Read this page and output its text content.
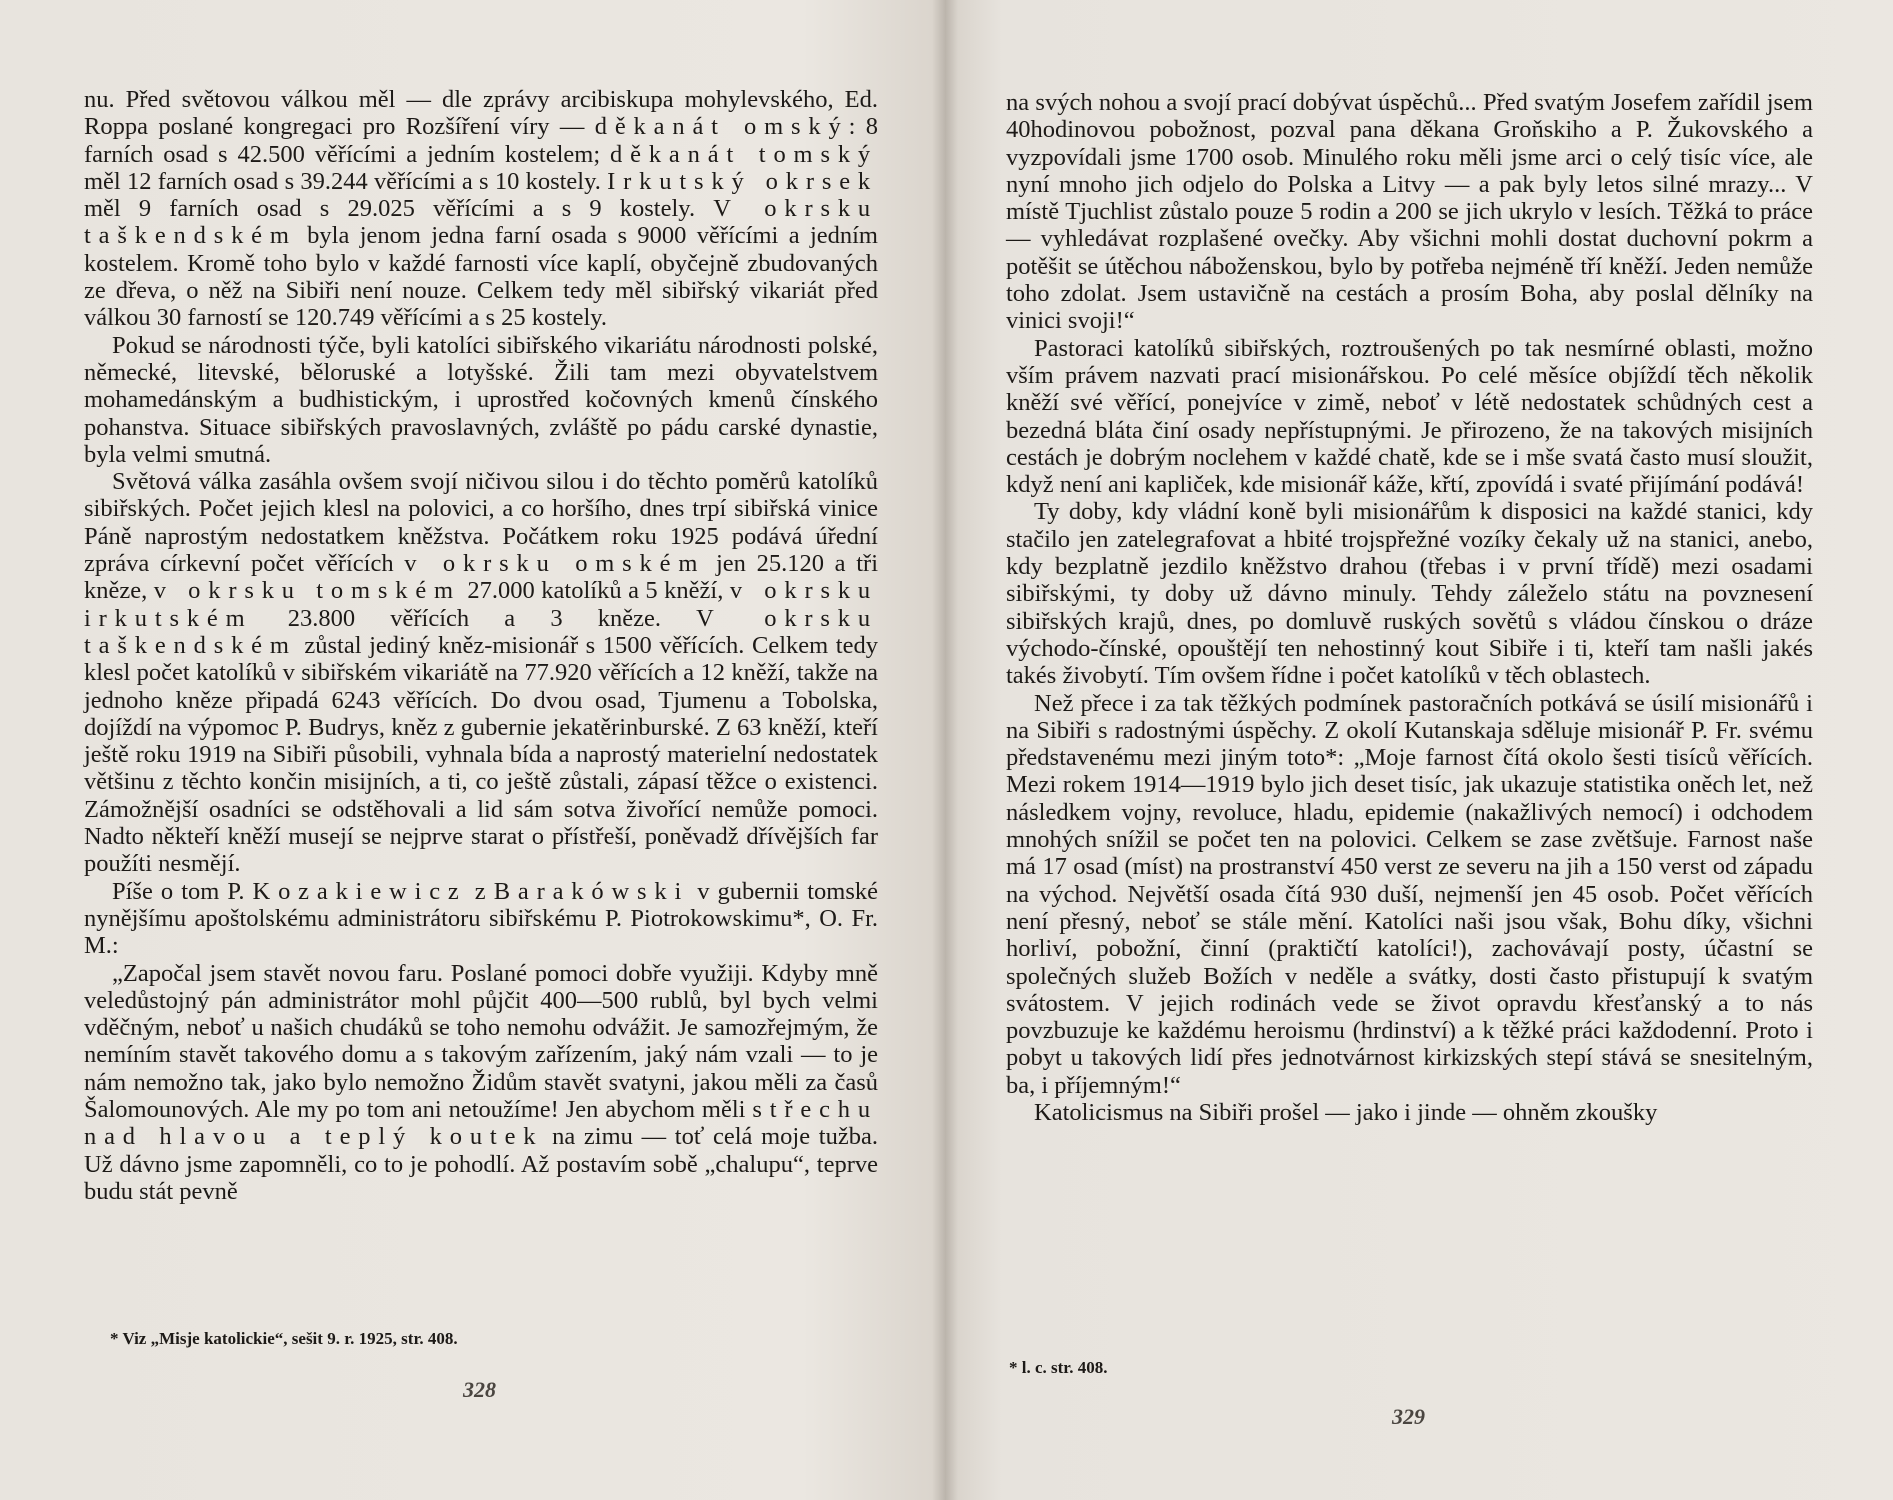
nu. Před světovou válkou měl — dle zprávy arcibiskupa mohylevského, Ed. Roppa poslané kongregaci pro Rozšíření víry — děkanát omský: 8 farních osad s 42.500 věřícími a jedním kostelem; děkanát tomský měl 12 farních osad s 39.244 věřícími a s 10 kostely. Irkutský okrsek měl 9 farních osad s 29.025 věřícími a s 9 kostely. V okrsku taškendském byla jenom jedna farní osada s 9000 věřícími a jedním kostelem. Kromě toho bylo v každé farnosti více kaplí, obyčejně zbudovaných ze dřeva, o něž na Sibiři není nouze. Celkem tedy měl sibiřský vikariát před válkou 30 farností se 120.749 věřícími a s 25 kostely.

Pokud se národnosti týče, byli katolíci sibiřského vikariátu národnosti polské, německé, litevské, běloruské a lotyšské. Žili tam mezi obyvatelstvem mohamedánským a budhistickým, i uprostřed kočovných kmenů čínského pohanstva. Situace sibiřských pravoslavných, zvláště po pádu carské dynastie, byla velmi smutná.

Světová válka zasáhla ovšem svojí ničivou silou i do těchto poměrů katolíků sibiřských. Počet jejich klesl na polovici, a co horšího, dnes trpí sibiřská vinice Páně naprostým nedostatkem kněžstva. Počátkem roku 1925 podává úřední zpráva církevní počet věřících v okrsku omském jen 25.120 a tři kněze, v okrsku tomském 27.000 katolíků a 5 kněží, v okrsku irkutském 23.800 věřících a 3 kněze. V okrsku taškendském zůstal jediný kněz-misionář s 1500 věřících. Celkem tedy klesl počet katolíků v sibiřském vikariátě na 77.920 věřících a 12 kněží, takže na jednoho kněze připadá 6243 věřících. Do dvou osad, Tjumenu a Tobolska, dojíždí na výpomoc P. Budrys, kněz z gubernie jekatěrinburské. Z 63 kněží, kteří ještě roku 1919 na Sibiři působili, vyhnala bída a naprostý materielní nedostatek většinu z těchto končin misijních, a ti, co ještě zůstali, zápasí těžce o existenci. Zámožnější osadníci se odstěhovali a lid sám sotva živořící nemůže pomoci. Nadto někteří kněží musejí se nejprve starat o přístřeší, poněvadž dřívějších far použíti nesmějí.

Píše o tom P. Kozakiewicz z Barakówski v gubernii tomské nynějšímu apoštolskému administrátoru sibiřskému P. Piotrokowskimu*, O. Fr. M.:

„Započal jsem stavět novou faru. Poslané pomoci dobře využiji. Kdyby mně veledůstojný pán administrátor mohl půjčit 400—500 rublů, byl bych velmi vděčným, neboť u našich chudáků se toho nemohu odvážit. Je samozřejmým, že nemíním stavět takového domu a s takovým zařízením, jaký nám vzali — to je nám nemožno tak, jako bylo nemožno Židům stavět svatyni, jakou měli za časů Šalomounových. Ale my po tom ani netoužíme! Jen abychom měli střechu nad hlavou a teplý koutek na zimu — toť celá moje tužba. Už dávno jsme zapomněli, co to je pohodlí. Až postavím sobě „chalupu“, teprve budu stát pevně

* Viz „Misje katolickie“, sešit 9. r. 1925, str. 408.
328

na svých nohou a svojí prací dobývat úspěchů... Před svatým Josefem zařídil jsem 40hodinovou pobožnost, pozval pana děkana Groňskiho a P. Žukovského a vyzpovídali jsme 1700 osob. Minulého roku měli jsme arci o celý tisíc více, ale nyní mnoho jich odjelo do Polska a Litvy — a pak byly letos silné mrazy... V místě Tjuchlist zůstalo pouze 5 rodin a 200 se jich ukrylo v lesích. Těžká to práce — vyhledávat rozplašené ovečky. Aby všichni mohli dostat duchovní pokrm a potěšit se útěchou náboženskou, bylo by potřeba nejméně tří kněží. Jeden nemůže toho zdolat. Jsem ustavičně na cestách a prosím Boha, aby poslal dělníky na vinici svoji!“

Pastoraci katolíků sibiřských, roztroušených po tak nesmírné oblasti, možno vším právem nazvati prací misionářskou. Po celé měsíce objíždí těch několik kněží své věřící, ponejvíce v zimě, neboť v létě nedostatek schůdných cest a bezedná bláta činí osady nepřístupnými. Je přirozeno, že na takových misijních cestách je dobrým noclehem v každé chatě, kde se i mše svatá často musí sloužit, když není ani kapliček, kde misionář káže, křtí, zpovídá i svaté přijímání podává!

Ty doby, kdy vládní koně byli misionářům k disposici na každé stanici, kdy stačilo jen zatelegrafovat a hbité trojspřežné vozíky čekaly už na stanici, anebo, kdy bezplatně jezdilo kněžstvo drahou (třebas i v první třídě) mezi osadami sibiřskými, ty doby už dávno minuly. Tehdy záleželo státu na povznesení sibiřských krajů, dnes, po domluvě ruských sovětů s vládou čínskou o dráze východo-čínské, opouštějí ten nehostinný kout Sibiře i ti, kteří tam našli jakés takés živobytí. Tím ovšem řídne i počet katolíků v těch oblastech.

Než přece i za tak těžkých podmínek pastoračních potkává se úsilí misionářů i na Sibiři s radostnými úspěchy. Z okolí Kutanskaja sděluje misionář P. Fr. svému představenému mezi jiným toto*: „Moje farnost čítá okolo šesti tisíců věřících. Mezi rokem 1914—1919 bylo jich deset tisíc, jak ukazuje statistika oněch let, než následkem vojny, revoluce, hladu, epidemie (nakažlivých nemocí) i odchodem mnohých snížil se počet ten na polovici. Celkem se zase zvětšuje. Farnost naše má 17 osad (míst) na prostranství 450 verst ze severu na jih a 150 verst od západu na východ. Největší osada čítá 930 duší, nejmenší jen 45 osob. Počet věřících není přesný, neboť se stále mění. Katolíci naši jsou však, Bohu díky, všichni horliví, pobožní, činní (praktičtí katolíci!), zachovávají posty, účastní se společných služeb Božích v neděle a svátky, dosti často přistupují k svatým svátostem. V jejich rodinách vede se život opravdu křesťanský a to nás povzbuzuje ke každému heroismu (hrdinství) a k těžké práci každodenní. Proto i pobyt u takových lidí přes jednotvárnost kirkizských stepí stává se snesitelným, ba, i příjemným!“

Katolicismus na Sibiři prošel — jako i jinde — ohněm zkoušky

* l. c. str. 408.
329
